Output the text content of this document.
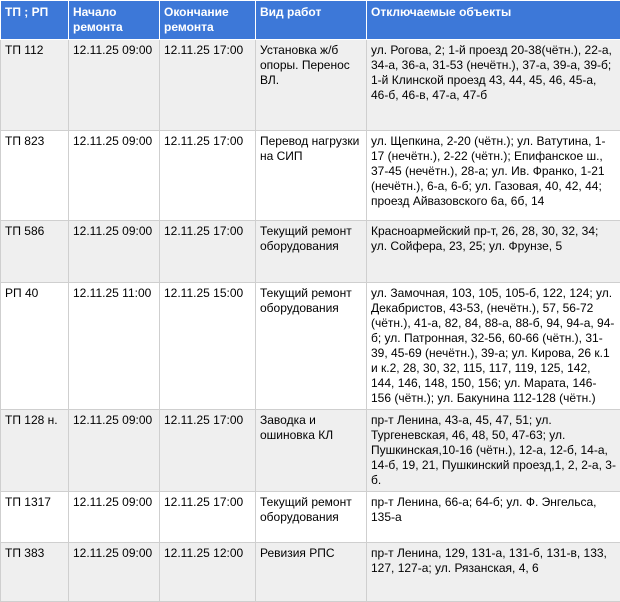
ТП ; РП	Начало ремонта	Окончание ремонта	Вид работ	Отключаемые объекты
ТП 112	12.11.25 09:00	12.11.25 17:00	Установка ж/б опоры. Перенос ВЛ.	ул. Рогова, 2; 1-й проезд 20-38(чётн.), 22-а, 34-а, 36-а, 31-53 (нечётн.), 37-а, 39-а, 39-б; 1-й Клинской проезд 43, 44, 45, 46, 45-а, 46-б, 46-в, 47-а, 47-б
ТП 823	12.11.25 09:00	12.11.25 17:00	Перевод нагрузки на СИП	ул. Щепкина, 2-20 (чётн.); ул. Ватутина, 1-17 (нечётн.), 2-22 (чётн.); Епифанское ш., 37-45 (нечётн.), 28-а; ул. Ив. Франко, 1-21 (нечётн.), 6-а, 6-б; ул. Газовая, 40, 42, 44; проезд Айвазовского 6а, 6б, 14
ТП 586	12.11.25 09:00	12.11.25 17:00	Текущий ремонт оборудования	Красноармейский пр-т, 26, 28, 30, 32, 34; ул. Сойфера, 23, 25; ул. Фрунзе, 5
РП 40	12.11.25 11:00	12.11.25 15:00	Текущий ремонт оборудования	ул. Замочная, 103, 105, 105-б, 122, 124; ул. Декабристов, 43-53, (нечётн.), 57, 56-72 (чётн.), 41-а, 82, 84, 88-а, 88-б, 94, 94-а, 94-б; ул. Патронная, 32-56, 60-66 (чётн.), 31-39, 45-69 (нечётн.), 39-а; ул. Кирова, 26 к.1 и к.2, 28, 30, 32, 115, 117, 119, 125, 142, 144, 146, 148, 150, 156; ул. Марата, 146-156 (чётн.); ул. Бакунина 112-128 (чётн.)
ТП 128 н.	12.11.25 09:00	12.11.25 17:00	Заводка и ошиновка КЛ	пр-т Ленина, 43-а, 45, 47, 51; ул. Тургеневская, 46, 48, 50, 47-63; ул. Пушкинская,10-16 (чётн.), 12-а, 12-б, 14-а, 14-б, 19, 21, Пушкинский проезд,1, 2, 2-а, 3-б.
ТП 1317	12.11.25 09:00	12.11.25 17:00	Текущий ремонт оборудования	пр-т Ленина, 66-а; 64-б; ул. Ф. Энгельса, 135-а
ТП 383	12.11.25 09:00	12.11.25 12:00	Ревизия РПС	пр-т Ленина, 129, 131-а, 131-б, 131-в, 133, 127, 127-а; ул. Рязанская, 4, 6
